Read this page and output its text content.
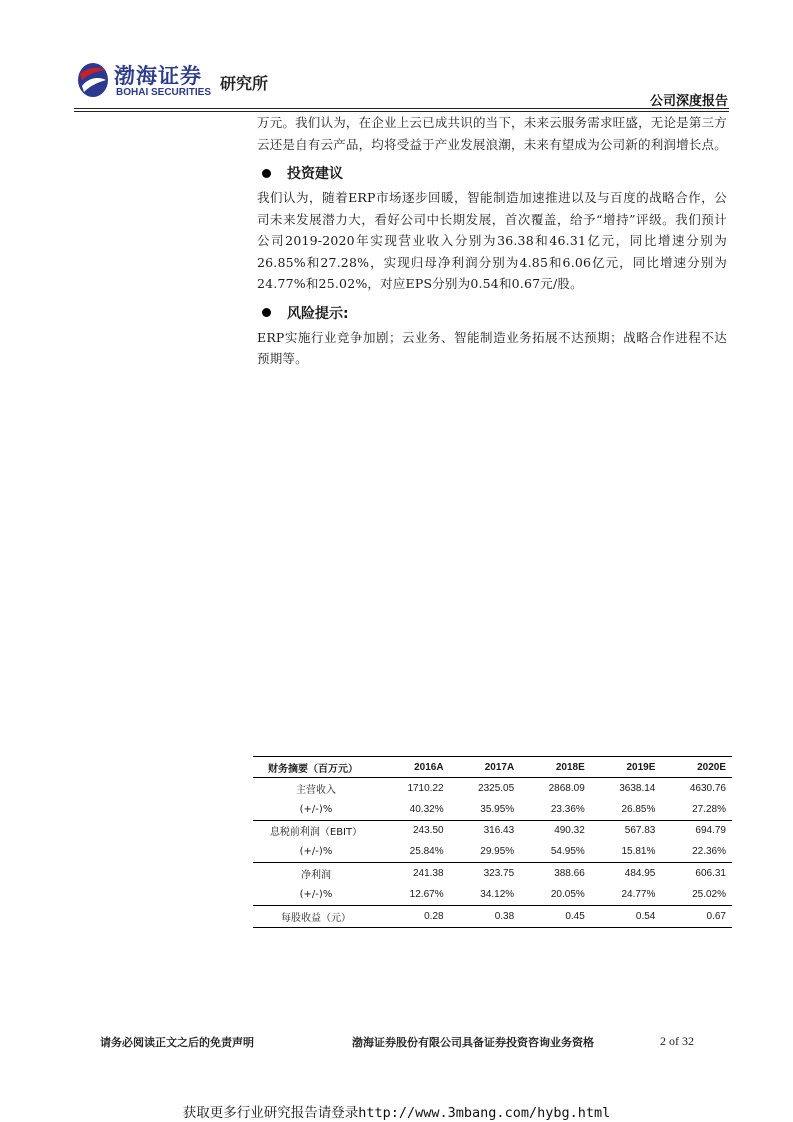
渤海证券
BOHAI SECURITIES 研究所
公司深度报告

万元。我们认为，在企业上云已成共识的当下，未来云服务需求旺盛，无论是第三方云还是自有云产品，均将受益于产业发展浪潮，未来有望成为公司新的利润增长点。

投资建议

我们认为，随着ERP市场逐步回暖，智能制造加速推进以及与百度的战略合作，公司未来发展潜力大，看好公司中长期发展，首次覆盖，给予“增持”评级。我们预计公司2019-2020年实现营业收入分别为36.38和46.31亿元，同比增速分别为26.85%和27.28%，实现归母净利润分别为4.85和6.06亿元，同比增速分别为24.77%和25.02%，对应EPS分别为0.54和0.67元/股。

风险提示:

ERP实施行业竞争加剧；云业务、智能制造业务拓展不达预期；战略合作进程不达预期等。

财务摘要（百万元）	2016A	2017A	2018E	2019E	2020E
主营收入	1710.22	2325.05	2868.09	3638.14	4630.76
(+/-)%	40.32%	35.95%	23.36%	26.85%	27.28%
息税前利润（EBIT）	243.50	316.43	490.32	567.83	694.79
(+/-)%	25.84%	29.95%	54.95%	15.81%	22.36%
净利润	241.38	323.75	388.66	484.95	606.31
(+/-)%	12.67%	34.12%	20.05%	24.77%	25.02%
每股收益（元）	0.28	0.38	0.45	0.54	0.67
请务必阅读正文之后的免责声明	渤海证券股份有限公司具备证券投资咨询业务资格	2 of 32
获取更多行业研究报告请登录http://www.3mbang.com/hybg.html
